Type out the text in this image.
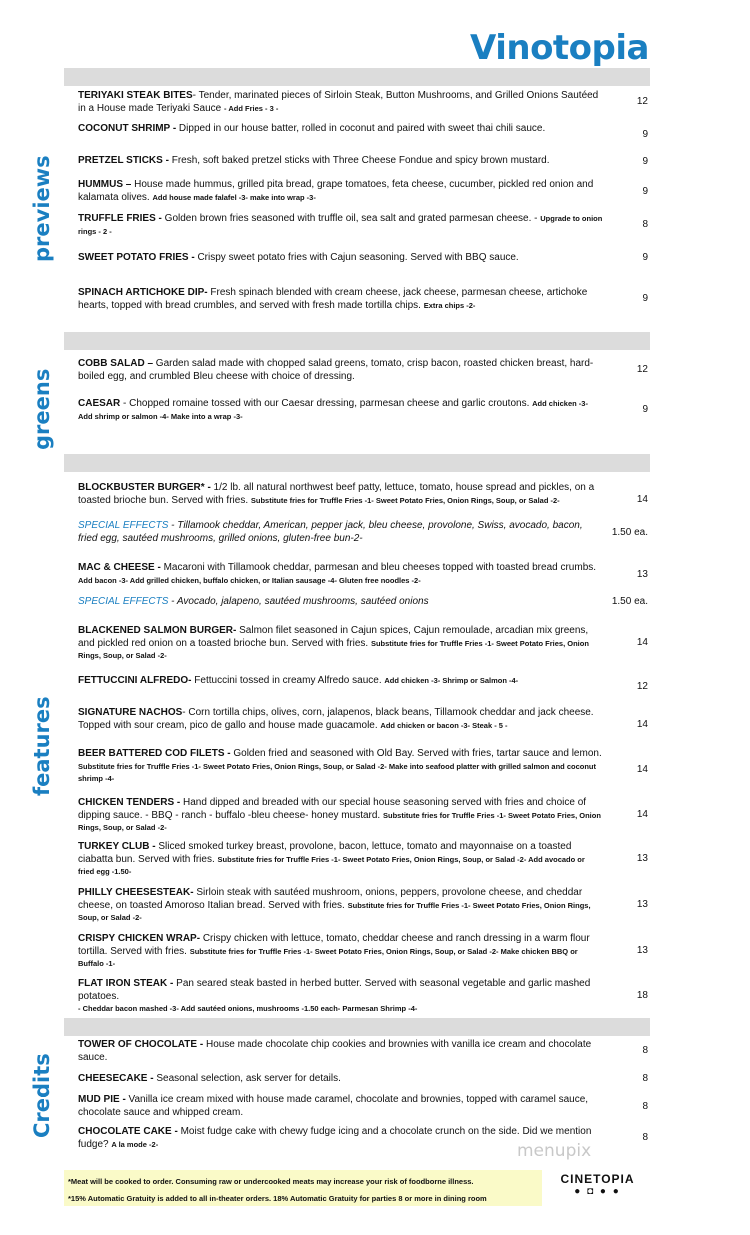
Vinotopia
previews
greens
features
Credits
TERIYAKI STEAK BITES- Tender, marinated pieces of Sirloin Steak, Button Mushrooms, and Grilled Onions Sautéed in a House made Teriyaki Sauce - Add Fries - 3 -
12
COCONUT SHRIMP - Dipped in our house batter, rolled in coconut and paired with sweet thai chili sauce.
9
PRETZEL STICKS - Fresh, soft baked pretzel sticks with Three Cheese Fondue and spicy brown mustard.	9
HUMMUS – House made hummus, grilled pita bread, grape tomatoes, feta cheese, cucumber, pickled red onion and kalamata olives. Add house made falafel -3- make into wrap -3-	9
TRUFFLE FRIES - Golden brown fries seasoned with truffle oil, sea salt and grated parmesan cheese. - Upgrade to onion rings - 2 -
8
SWEET POTATO FRIES - Crispy sweet potato fries with Cajun seasoning. Served with BBQ sauce.	9
SPINACH ARTICHOKE DIP- Fresh spinach blended with cream cheese, jack cheese, parmesan cheese, artichoke hearts, topped with bread crumbles, and served with fresh made tortilla chips. Extra chips -2-
9
COBB SALAD – Garden salad made with chopped salad greens, tomato, crisp bacon, roasted chicken breast, hard-boiled egg, and crumbled Bleu cheese with choice of dressing.
12
CAESAR - Chopped romaine tossed with our Caesar dressing, parmesan cheese and garlic croutons. Add chicken -3- Add shrimp or salmon -4- Make into a wrap -3-
9
BLOCKBUSTER BURGER* - 1/2 lb. all natural northwest beef patty, lettuce, tomato, house spread and pickles, on a toasted brioche bun. Served with fries. Substitute fries for Truffle Fries -1- Sweet Potato Fries, Onion Rings, Soup, or Salad -2-	14
SPECIAL EFFECTS - Tillamook cheddar, American, pepper jack, bleu cheese, provolone, Swiss, avocado, bacon, fried egg, sautéed mushrooms, grilled onions, gluten-free bun-2-	1.50 ea.
MAC & CHEESE - Macaroni with Tillamook cheddar, parmesan and bleu cheeses topped with toasted bread crumbs. Add bacon -3- Add grilled chicken, buffalo chicken, or Italian sausage -4- Gluten free noodles -2-	13
SPECIAL EFFECTS - Avocado, jalapeno, sautéed mushrooms, sautéed onions	1.50 ea.
BLACKENED SALMON BURGER- Salmon filet seasoned in Cajun spices, Cajun remoulade, arcadian mix greens, and pickled red onion on a toasted brioche bun. Served with fries. Substitute fries for Truffle Fries -1- Sweet Potato Fries, Onion Rings, Soup, or Salad -2-
14
FETTUCCINI ALFREDO- Fettuccini tossed in creamy Alfredo sauce. Add chicken -3- Shrimp or Salmon -4-
12
SIGNATURE NACHOS- Corn tortilla chips, olives, corn, jalapenos, black beans, Tillamook cheddar and jack cheese. Topped with sour cream, pico de gallo and house made guacamole. Add chicken or bacon -3- Steak - 5 -	14
BEER BATTERED COD FILETS - Golden fried and seasoned with Old Bay. Served with fries, tartar sauce and lemon. Substitute fries for Truffle Fries -1- Sweet Potato Fries, Onion Rings, Soup, or Salad -2- Make into seafood platter with grilled salmon and coconut shrimp -4-
14
CHICKEN TENDERS - Hand dipped and breaded with our special house seasoning served with fries and choice of dipping sauce. - BBQ - ranch - buffalo -bleu cheese- honey mustard. Substitute fries for Truffle Fries -1- Sweet Potato Fries, Onion Rings, Soup, or Salad -2-
14
TURKEY CLUB - Sliced smoked turkey breast, provolone, bacon, lettuce, tomato and mayonnaise on a toasted ciabatta bun. Served with fries. Substitute fries for Truffle Fries -1- Sweet Potato Fries, Onion Rings, Soup, or Salad -2- Add avocado or fried egg -1.50-
13
PHILLY CHEESESTEAK- Sirloin steak with sautéed mushroom, onions, peppers, provolone cheese, and cheddar cheese, on toasted Amoroso Italian bread. Served with fries. Substitute fries for Truffle Fries -1- Sweet Potato Fries, Onion Rings, Soup, or Salad -2-
13
CRISPY CHICKEN WRAP- Crispy chicken with lettuce, tomato, cheddar cheese and ranch dressing in a warm flour tortilla. Served with fries. Substitute fries for Truffle Fries -1- Sweet Potato Fries, Onion Rings, Soup, or Salad -2- Make chicken BBQ or Buffalo -1-
13
FLAT IRON STEAK - Pan seared steak basted in herbed butter. Served with seasonal vegetable and garlic mashed potatoes.
- Cheddar bacon mashed -3- Add sautéed onions, mushrooms -1.50 each- Parmesan Shrimp -4-
18
TOWER OF CHOCOLATE - House made chocolate chip cookies and brownies with vanilla ice cream and chocolate sauce.
8
CHEESECAKE - Seasonal selection, ask server for details.	8
MUD PIE - Vanilla ice cream mixed with house made caramel, chocolate and brownies, topped with caramel sauce, chocolate sauce and whipped cream.	8
CHOCOLATE CAKE - Moist fudge cake with chewy fudge icing and a chocolate crunch on the side. Did we mention fudge? A la mode -2-
8
menupix
*Meat will be cooked to order. Consuming raw or undercooked meats may increase your risk of foodborne illness.
*15% Automatic Gratuity is added to all in-theater orders. 18% Automatic Gratuity for parties 8 or more in dining room
CINETOPIA
● ◘ ● ●
